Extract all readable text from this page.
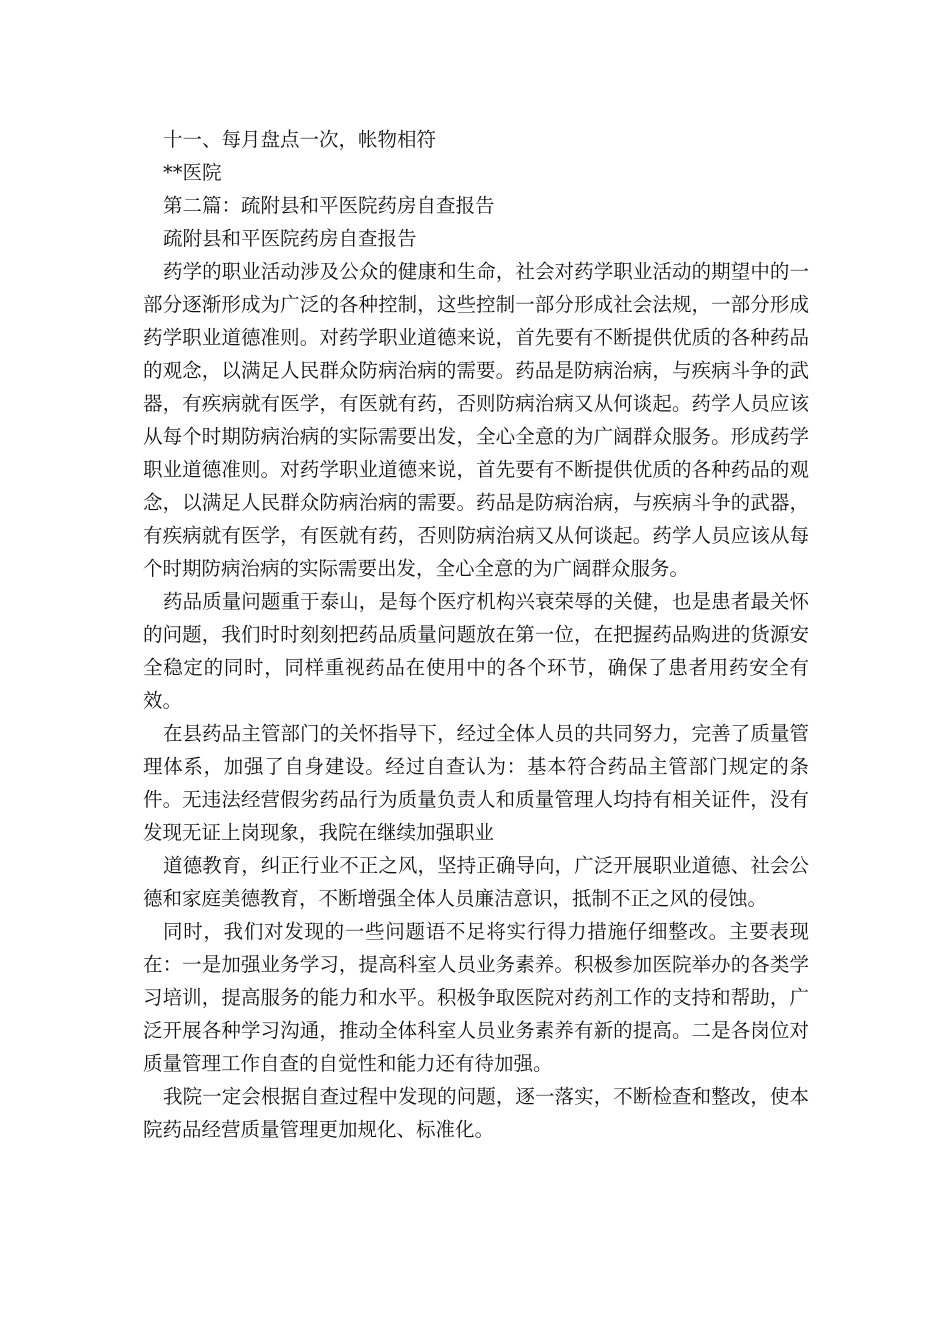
十一、每月盘点一次，帐物相符

**医院

第二篇：疏附县和平医院药房自查报告

疏附县和平医院药房自查报告

药学的职业活动涉及公众的健康和生命，社会对药学职业活动的期望中的一部分逐渐形成为广泛的各种控制，这些控制一部分形成社会法规，一部分形成药学职业道德准则。对药学职业道德来说，首先要有不断提供优质的各种药品的观念，以满足人民群众防病治病的需要。药品是防病治病，与疾病斗争的武器，有疾病就有医学，有医就有药，否则防病治病又从何谈起。药学人员应该从每个时期防病治病的实际需要出发，全心全意的为广阔群众服务。形成药学职业道德准则。对药学职业道德来说，首先要有不断提供优质的各种药品的观念，以满足人民群众防病治病的需要。药品是防病治病，与疾病斗争的武器，有疾病就有医学，有医就有药，否则防病治病又从何谈起。药学人员应该从每个时期防病治病的实际需要出发，全心全意的为广阔群众服务。

药品质量问题重于泰山，是每个医疗机构兴衰荣辱的关健，也是患者最关怀的问题，我们时时刻刻把药品质量问题放在第一位，在把握药品购进的货源安全稳定的同时，同样重视药品在使用中的各个环节，确保了患者用药安全有效。

在县药品主管部门的关怀指导下，经过全体人员的共同努力，完善了质量管理体系，加强了自身建设。经过自查认为：基本符合药品主管部门规定的条件。无违法经营假劣药品行为质量负责人和质量管理人均持有相关证件，没有发现无证上岗现象，我院在继续加强职业

道德教育，纠正行业不正之风，坚持正确导向，广泛开展职业道德、社会公德和家庭美德教育，不断增强全体人员廉洁意识，抵制不正之风的侵蚀。

同时，我们对发现的一些问题语不足将实行得力措施仔细整改。主要表现在：一是加强业务学习，提高科室人员业务素养。积极参加医院举办的各类学习培训，提高服务的能力和水平。积极争取医院对药剂工作的支持和帮助，广泛开展各种学习沟通，推动全体科室人员业务素养有新的提高。二是各岗位对质量管理工作自查的自觉性和能力还有待加强。

我院一定会根据自查过程中发现的问题，逐一落实，不断检查和整改，使本院药品经营质量管理更加规化、标准化。
